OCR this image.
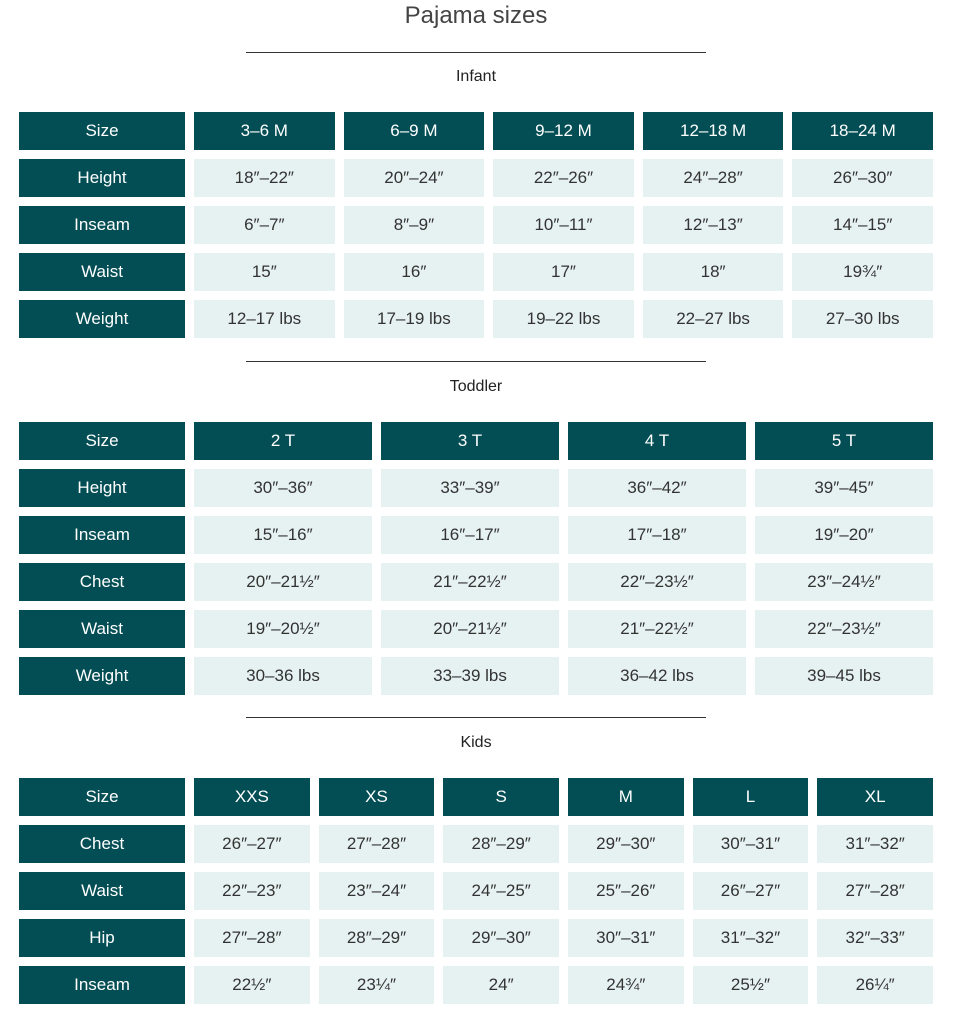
Pajama sizes
Infant
Size	3–6 M	6–9 M	9–12 M	12–18 M	18–24 M
Height	18″–22″	20″–24″	22″–26″	24″–28″	26″–30″
Inseam	6″–7″	8″–9″	10″–11″	12″–13″	14″–15″
Waist	15″	16″	17″	18″	19¾″
Weight	12–17 lbs	17–19 lbs	19–22 lbs	22–27 lbs	27–30 lbs
Toddler
Size	2 T	3 T	4 T	5 T
Height	30″–36″	33″–39″	36″–42″	39″–45″
Inseam	15″–16″	16″–17″	17″–18″	19″–20″
Chest	20″–21½″	21″–22½″	22″–23½″	23″–24½″
Waist	19″–20½″	20″–21½″	21″–22½″	22″–23½″
Weight	30–36 lbs	33–39 lbs	36–42 lbs	39–45 lbs
Kids
Size	XXS	XS	S	M	L	XL
Chest	26″–27″	27″–28″	28″–29″	29″–30″	30″–31″	31″–32″
Waist	22″–23″	23″–24″	24″–25″	25″–26″	26″–27″	27″–28″
Hip	27″–28″	28″–29″	29″–30″	30″–31″	31″–32″	32″–33″
Inseam	22½″	23¼″	24″	24¾″	25½″	26¼″
